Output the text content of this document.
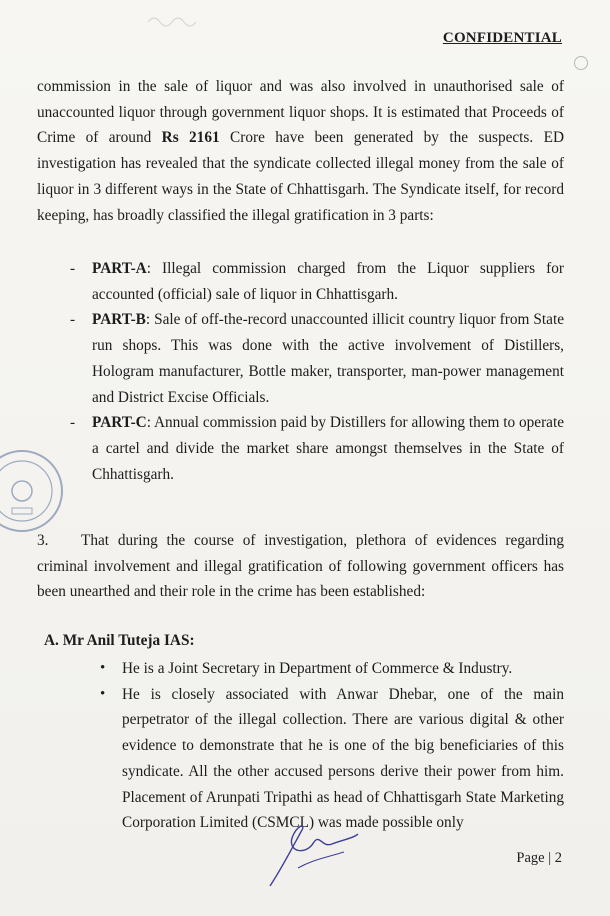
CONFIDENTIAL
commission in the sale of liquor and was also involved in unauthorised sale of unaccounted liquor through government liquor shops. It is estimated that Proceeds of Crime of around Rs 2161 Crore have been generated by the suspects. ED investigation has revealed that the syndicate collected illegal money from the sale of liquor in 3 different ways in the State of Chhattisgarh. The Syndicate itself, for record keeping, has broadly classified the illegal gratification in 3 parts:
- PART-A: Illegal commission charged from the Liquor suppliers for accounted (official) sale of liquor in Chhattisgarh.
- PART-B: Sale of off-the-record unaccounted illicit country liquor from State run shops. This was done with the active involvement of Distillers, Hologram manufacturer, Bottle maker, transporter, man-power management and District Excise Officials.
- PART-C: Annual commission paid by Distillers for allowing them to operate a cartel and divide the market share amongst themselves in the State of Chhattisgarh.
3. That during the course of investigation, plethora of evidences regarding criminal involvement and illegal gratification of following government officers has been unearthed and their role in the crime has been established:
A. Mr Anil Tuteja IAS:
• He is a Joint Secretary in Department of Commerce & Industry.
• He is closely associated with Anwar Dhebar, one of the main perpetrator of the illegal collection. There are various digital & other evidence to demonstrate that he is one of the big beneficiaries of this syndicate. All the other accused persons derive their power from him. Placement of Arunpati Tripathi as head of Chhattisgarh State Marketing Corporation Limited (CSMCL) was made possible only
Page | 2
